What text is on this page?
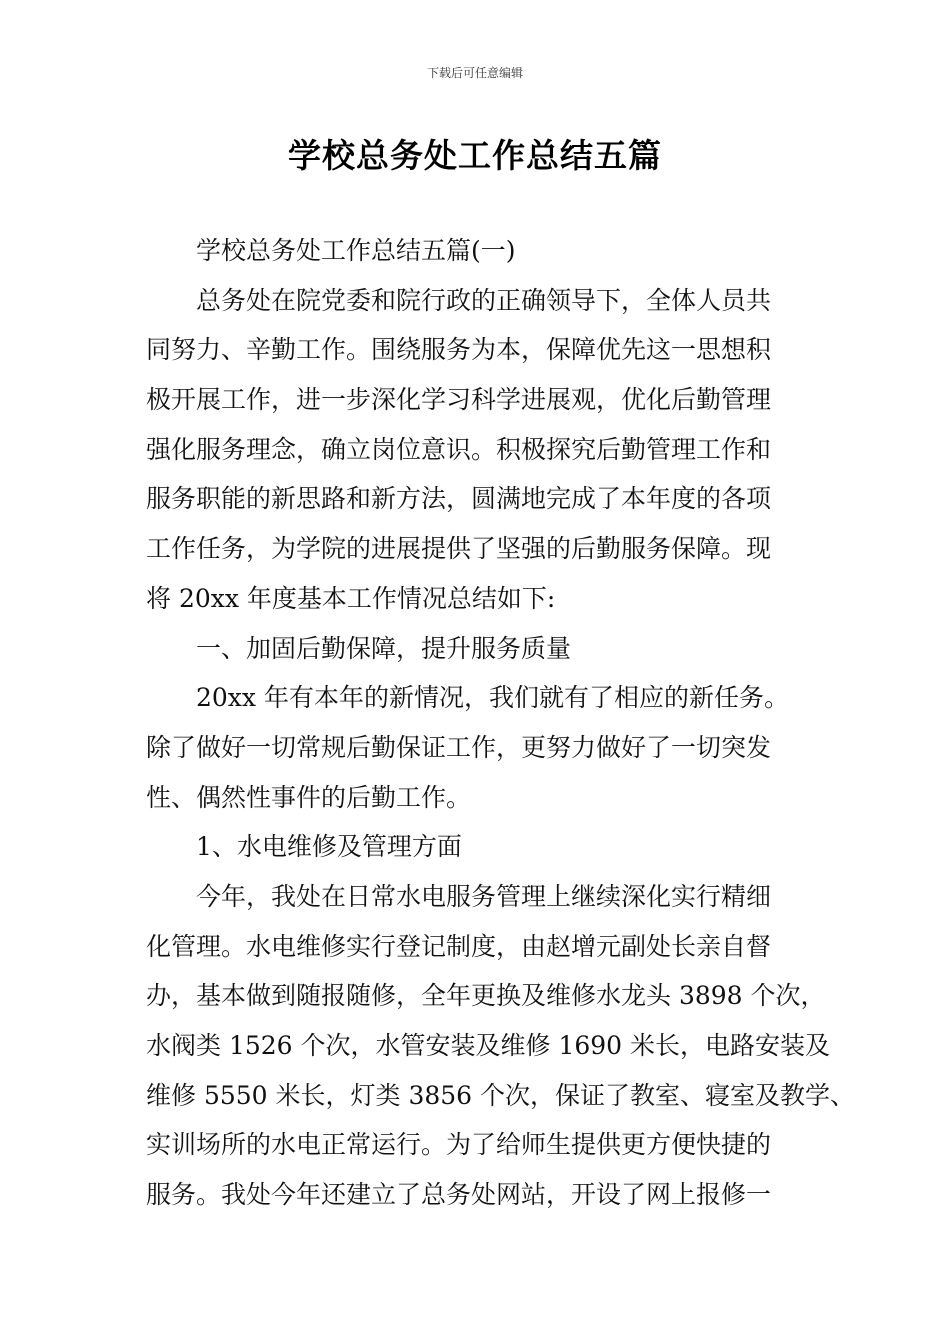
下载后可任意编辑
学校总务处工作总结五篇
学校总务处工作总结五篇(一)
总务处在院党委和院行政的正确领导下，全体人员共
同努力、辛勤工作。围绕服务为本，保障优先这一思想积
极开展工作，进一步深化学习科学进展观，优化后勤管理
强化服务理念，确立岗位意识。积极探究后勤管理工作和
服务职能的新思路和新方法，圆满地完成了本年度的各项
工作任务，为学院的进展提供了坚强的后勤服务保障。现
将 20xx 年度基本工作情况总结如下:
一、加固后勤保障，提升服务质量
20xx 年有本年的新情况，我们就有了相应的新任务。
除了做好一切常规后勤保证工作，更努力做好了一切突发
性、偶然性事件的后勤工作。
1、水电维修及管理方面
今年，我处在日常水电服务管理上继续深化实行精细
化管理。水电维修实行登记制度，由赵增元副处长亲自督
办，基本做到随报随修，全年更换及维修水龙头 3898 个次，
水阀类 1526 个次，水管安装及维修 1690 米长，电路安装及
维修 5550 米长，灯类 3856 个次，保证了教室、寝室及教学、
实训场所的水电正常运行。为了给师生提供更方便快捷的
服务。我处今年还建立了总务处网站，开设了网上报修一
